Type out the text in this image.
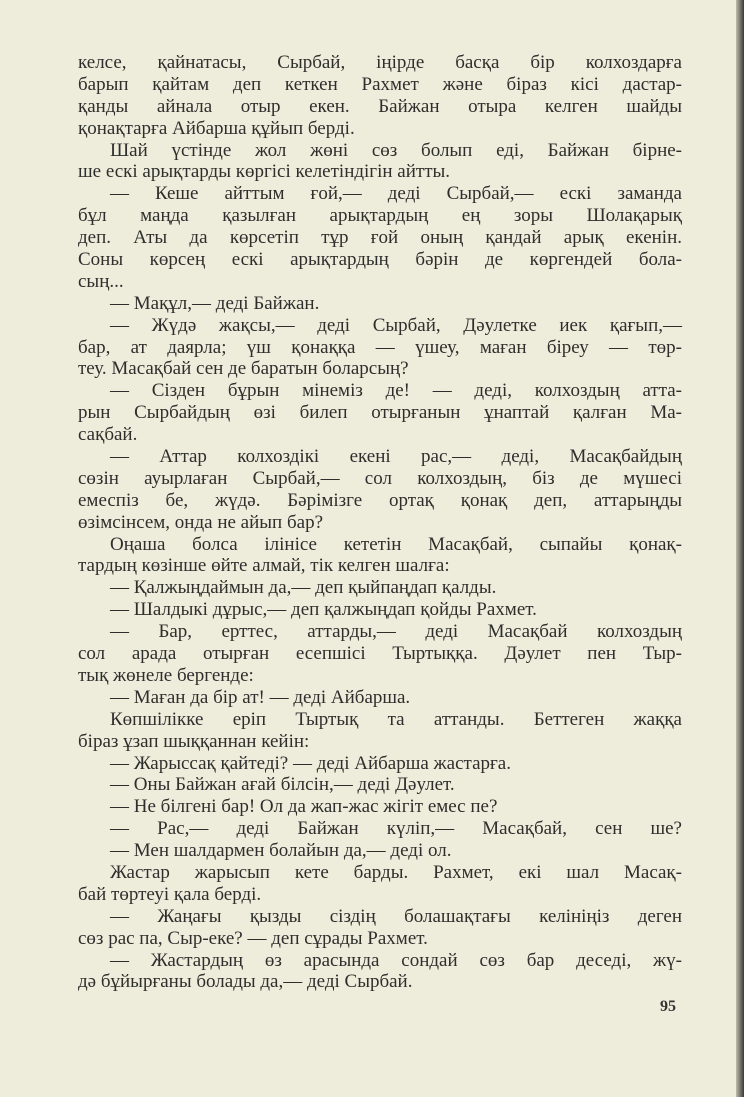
келсе, қайнатасы, Сырбай, іңірде басқа бір колхоздарға
барып қайтам деп кеткен Рахмет және біраз кісі дастар-
қанды айнала отыр екен. Байжан отыра келген шайды
қонақтарға Айбарша құйып берді.
Шай үстінде жол жөні сөз болып еді, Байжан бірне-
ше ескі арықтарды көргісі келетіндігін айтты.
— Кеше айттым ғой,— деді Сырбай,— ескі заманда
бұл маңда қазылған арықтардың ең зоры Шолақарық
деп. Аты да көрсетіп тұр ғой оның қандай арық екенін.
Соны көрсең ескі арықтардың бәрін де көргендей бола-
сың...
— Мақұл,— деді Байжан.
— Жүдә жақсы,— деді Сырбай, Дәулетке иек қағып,—
бар, ат даярла; үш қонаққа — үшеу, маған біреу — төр-
теу. Масақбай сен де баратын боларсың?
— Сізден бұрын мінеміз де! — деді, колхоздың атта-
рын Сырбайдың өзі билеп отырғанын ұнаптай қалған Ма-
сақбай.
— Аттар колхоздікі екені рас,— деді, Масақбайдың
сөзін ауырлаған Сырбай,— сол колхоздың, біз де мүшесі
емеспіз бе, жүдә. Бәрімізге ортақ қонақ деп, аттарыңды
өзімсінсем, онда не айып бар?
Оңаша болса ілінісе кететін Масақбай, сыпайы қонақ-
тардың көзінше өйте алмай, тік келген шалға:
— Қалжыңдаймын да,— деп қыйпаңдап қалды.
— Шалдыкі дұрыс,— деп қалжыңдап қойды Рахмет.
— Бар, ерттес, аттарды,— деді Масақбай колхоздың
сол арада отырған есепшісі Тыртыққа. Дәулет пен Тыр-
тық жөнеле бергенде:
— Маған да бір ат! — деді Айбарша.
Көпшілікке еріп Тыртық та аттанды. Беттеген жаққа
біраз ұзап шыққаннан кейін:
— Жарыссақ қайтеді? — деді Айбарша жастарға.
— Оны Байжан ағай білсін,— деді Дәулет.
— Не білгені бар! Ол да жап-жас жігіт емес пе?
— Рас,— деді Байжан күліп,— Масақбай, сен ше?
— Мен шалдармен болайын да,— деді ол.
Жастар жарысып кете барды. Рахмет, екі шал Масақ-
бай төртеуі қала берді.
— Жаңағы қызды сіздің болашақтағы келініңіз деген
сөз рас па, Сыр-еке? — деп сұрады Рахмет.
— Жастардың өз арасында сондай сөз бар деседі, жү-
дә бұйырғаны болады да,— деді Сырбай.
95
